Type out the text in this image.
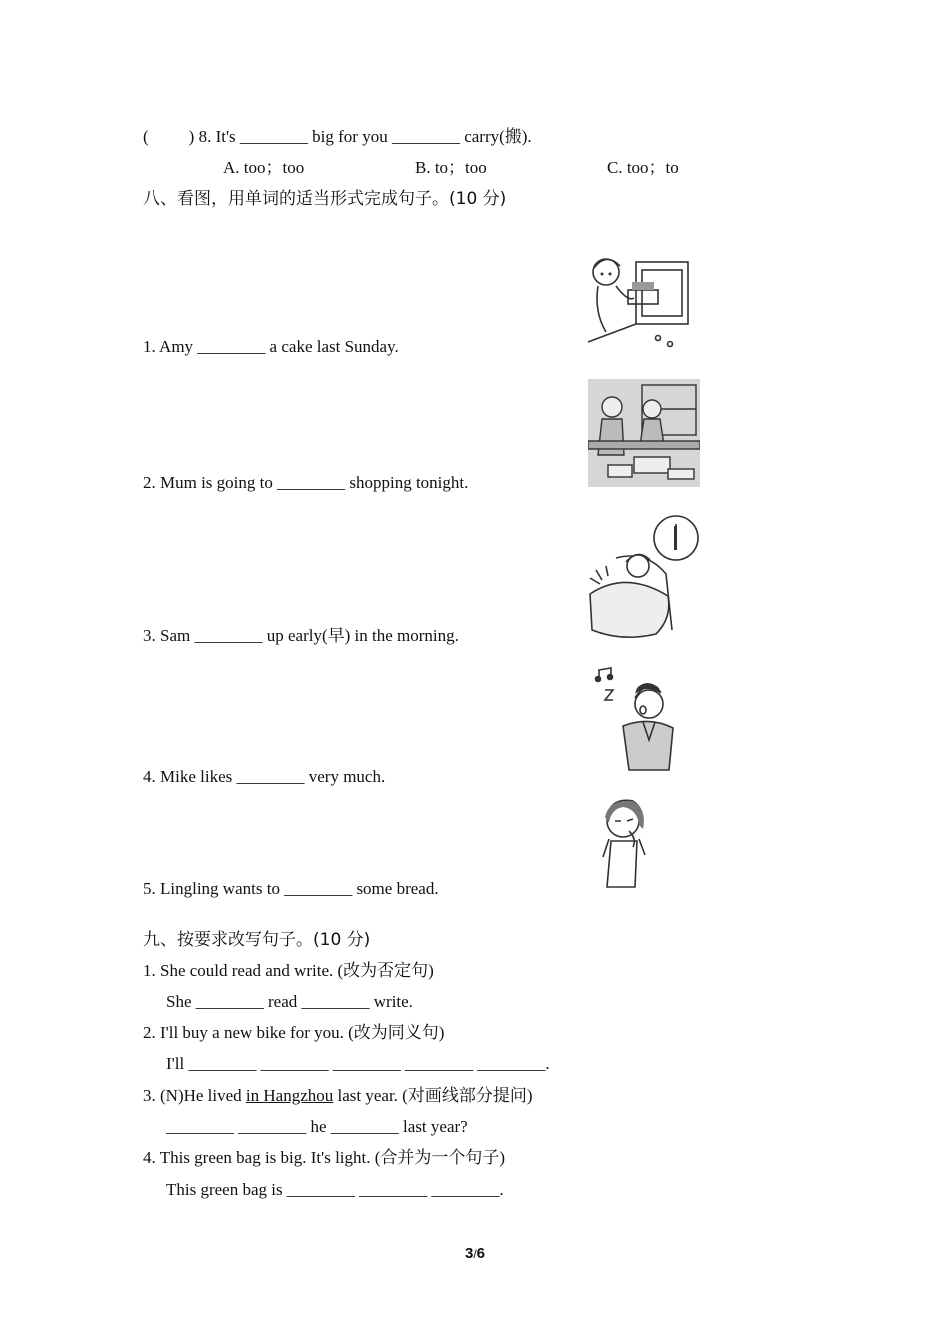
( ) 8. It's ________ big for you ________ carry(搬).
A. too；too	B. to；too	C. too；to
八、看图，用单词的适当形式完成句子。(10 分)
1. Amy ________ a cake last Sunday.
2. Mum is going to ________ shopping tonight.
3. Sam ________ up early(早) in the morning.
4. Mike likes ________ very much.
5. Lingling wants to ________ some bread.
九、按要求改写句子。(10 分)
1. She could read and write. (改为否定句)
She ________ read ________ write.
2. I'll buy a new bike for you. (改为同义句)
I'll ________ ________ ________ ________ ________.
3. (N)He lived in Hangzhou last year. (对画线部分提问)
________ ________ he ________ last year?
4. This green bag is big. It's light. (合并为一个句子)
This green bag is ________ ________ ________.
3/6
